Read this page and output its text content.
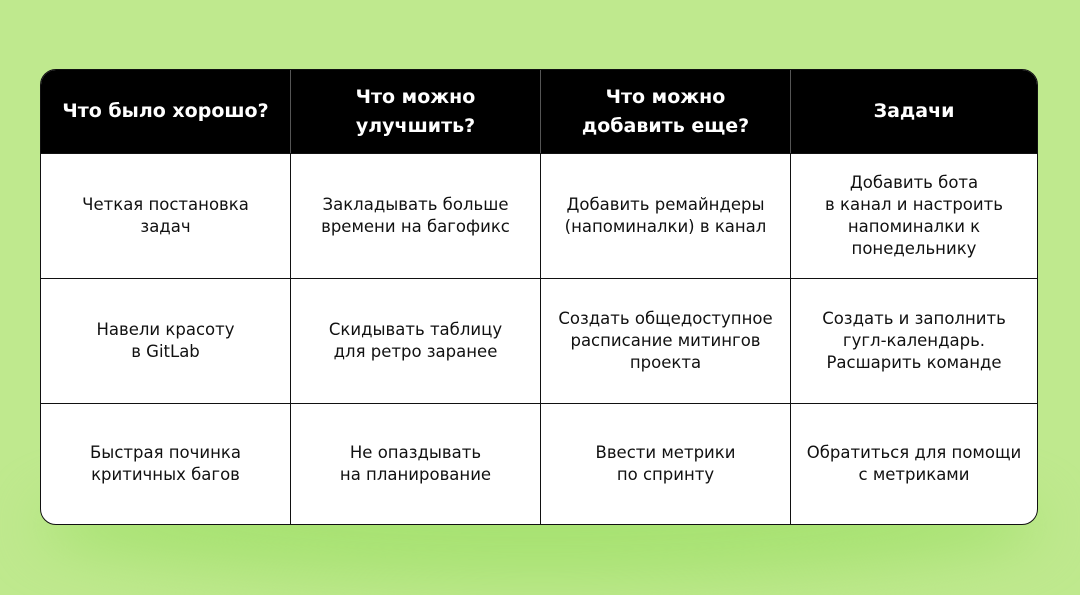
Что было хорошо?
Что можно
улучшить?
Что можно
добавить еще?
Задачи
Четкая постановка
задач
Закладывать больше
времени на багофикс
Добавить ремайндеры
(напоминалки) в канал
Добавить бота
в канал и настроить
напоминалки к
понедельнику
Навели красоту
в GitLab
Скидывать таблицу
для ретро заранее
Создать общедоступное
расписание митингов
проекта
Создать и заполнить
гугл-календарь.
Расшарить команде
Быстрая починка
критичных багов
Не опаздывать
на планирование
Ввести метрики
по спринту
Обратиться для помощи
с метриками
